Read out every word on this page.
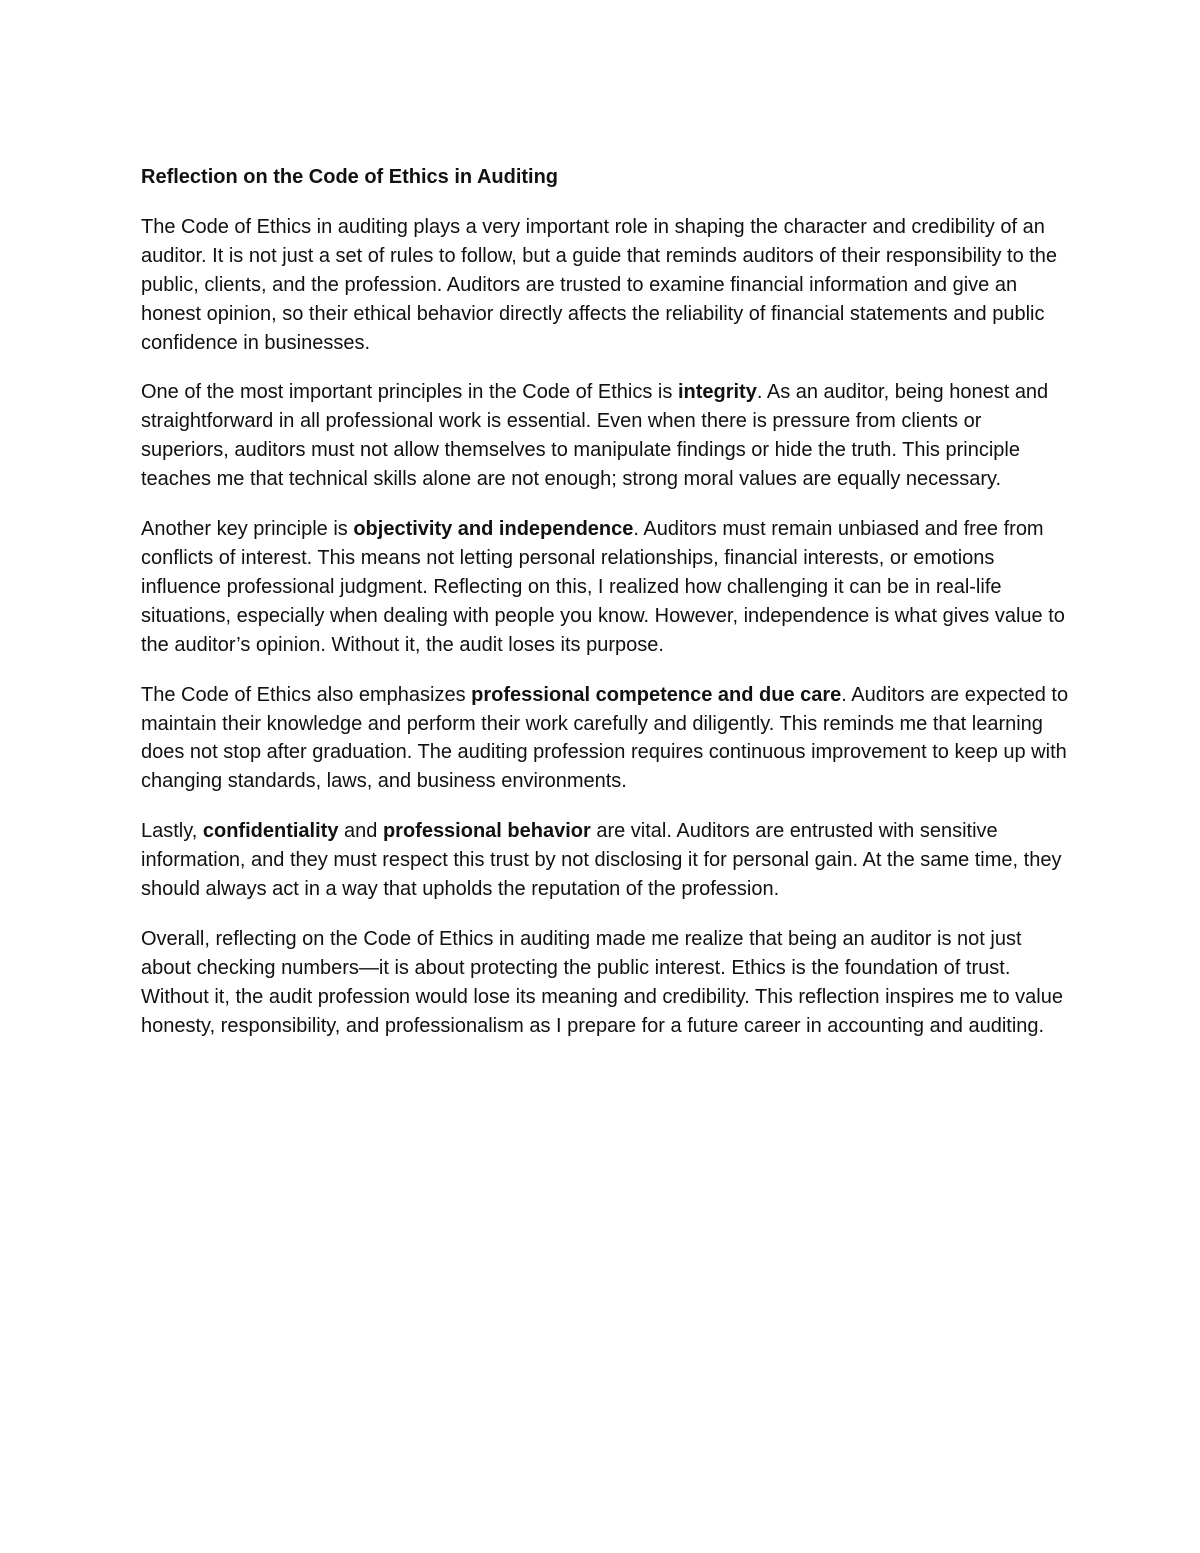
Reflection on the Code of Ethics in Auditing

The Code of Ethics in auditing plays a very important role in shaping the character and credibility of an auditor. It is not just a set of rules to follow, but a guide that reminds auditors of their responsibility to the public, clients, and the profession. Auditors are trusted to examine financial information and give an honest opinion, so their ethical behavior directly affects the reliability of financial statements and public confidence in businesses.

One of the most important principles in the Code of Ethics is integrity. As an auditor, being honest and straightforward in all professional work is essential. Even when there is pressure from clients or superiors, auditors must not allow themselves to manipulate findings or hide the truth. This principle teaches me that technical skills alone are not enough; strong moral values are equally necessary.

Another key principle is objectivity and independence. Auditors must remain unbiased and free from conflicts of interest. This means not letting personal relationships, financial interests, or emotions influence professional judgment. Reflecting on this, I realized how challenging it can be in real-life situations, especially when dealing with people you know. However, independence is what gives value to the auditor’s opinion. Without it, the audit loses its purpose.

The Code of Ethics also emphasizes professional competence and due care. Auditors are expected to maintain their knowledge and perform their work carefully and diligently. This reminds me that learning does not stop after graduation. The auditing profession requires continuous improvement to keep up with changing standards, laws, and business environments.

Lastly, confidentiality and professional behavior are vital. Auditors are entrusted with sensitive information, and they must respect this trust by not disclosing it for personal gain. At the same time, they should always act in a way that upholds the reputation of the profession.

Overall, reflecting on the Code of Ethics in auditing made me realize that being an auditor is not just about checking numbers—it is about protecting the public interest. Ethics is the foundation of trust. Without it, the audit profession would lose its meaning and credibility. This reflection inspires me to value honesty, responsibility, and professionalism as I prepare for a future career in accounting and auditing.
